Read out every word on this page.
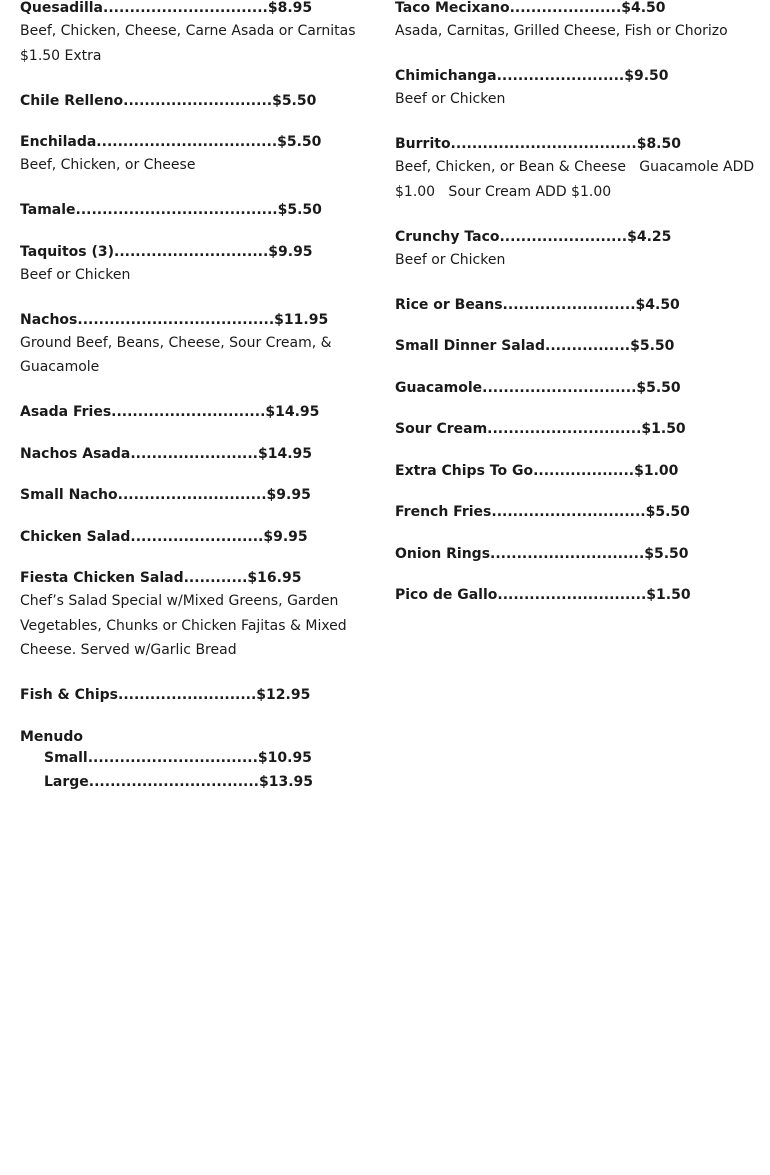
Quesadilla...............................$8.95
Beef, Chicken, Cheese, Carne Asada or Carnitas $1.50 Extra
Chile Relleno............................$5.50
Enchilada..................................$5.50
Beef, Chicken, or Cheese
Tamale......................................$5.50
Taquitos (3).............................$9.95
Beef or Chicken
Nachos.....................................$11.95
Ground Beef, Beans, Cheese, Sour Cream, & Guacamole
Asada Fries.............................$14.95
Nachos Asada........................$14.95
Small Nacho............................$9.95
Chicken Salad.........................$9.95
Fiesta Chicken Salad............$16.95
Chef’s Salad Special w/Mixed Greens, Garden Vegetables, Chunks or Chicken Fajitas & Mixed Cheese. Served w/Garlic Bread
Fish & Chips..........................$12.95
Menudo
Small................................$10.95
Large................................$13.95
Taco Mecixano.....................$4.50
Asada, Carnitas, Grilled Cheese, Fish or Chorizo
Chimichanga........................$9.50
Beef or Chicken
Burrito...................................$8.50
Beef, Chicken, or Bean & Cheese   Guacamole ADD $1.00   Sour Cream ADD $1.00
Crunchy Taco........................$4.25
Beef or Chicken
Rice or Beans.........................$4.50
Small Dinner Salad................$5.50
Guacamole.............................$5.50
Sour Cream.............................$1.50
Extra Chips To Go...................$1.00
French Fries.............................$5.50
Onion Rings.............................$5.50
Pico de Gallo............................$1.50
